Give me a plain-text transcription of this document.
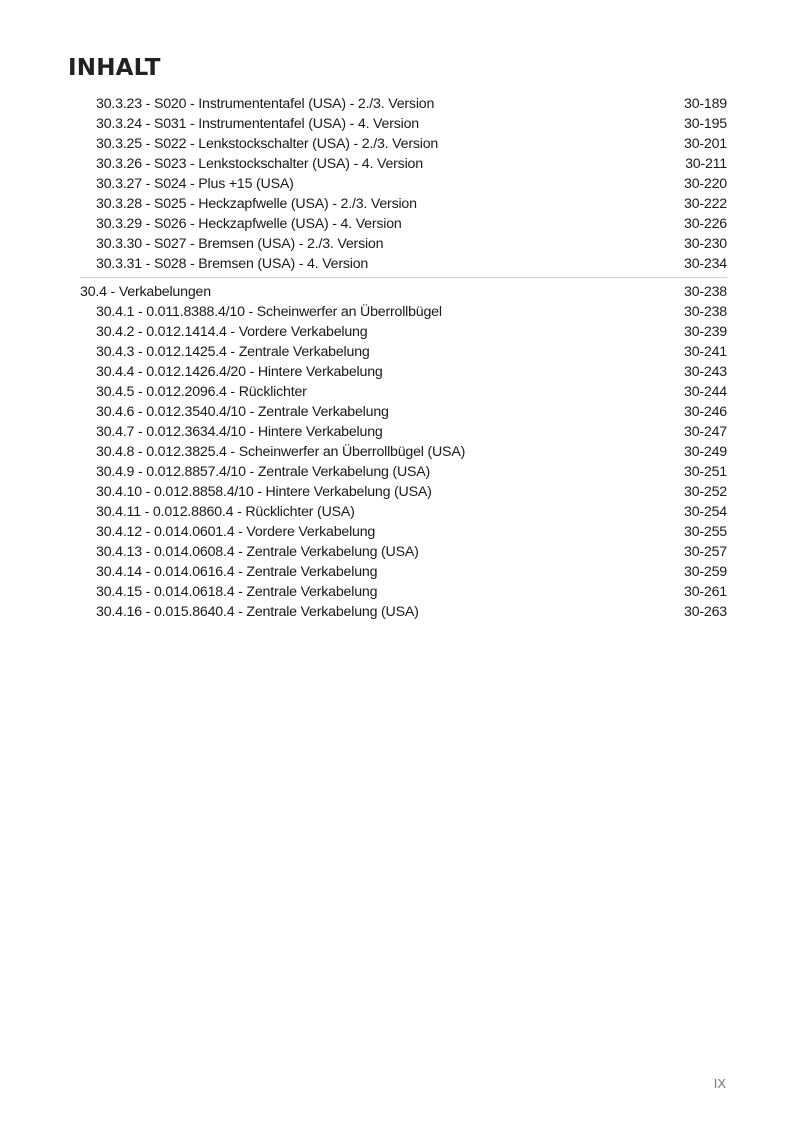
INHALT
30.3.23 - S020 - Instrumententafel (USA) - 2./3. Version	30-189
30.3.24 - S031 - Instrumententafel (USA) - 4. Version	30-195
30.3.25 - S022 - Lenkstockschalter (USA) - 2./3. Version	30-201
30.3.26 - S023 - Lenkstockschalter (USA) - 4. Version	30-211
30.3.27 - S024 - Plus +15 (USA)	30-220
30.3.28 - S025 - Heckzapfwelle (USA) - 2./3. Version	30-222
30.3.29 - S026 - Heckzapfwelle (USA) - 4. Version	30-226
30.3.30 - S027 - Bremsen (USA) - 2./3. Version	30-230
30.3.31 - S028 - Bremsen (USA) - 4. Version	30-234
30.4 - Verkabelungen	30-238
30.4.1 - 0.011.8388.4/10 - Scheinwerfer an Überrollbügel	30-238
30.4.2 - 0.012.1414.4 - Vordere Verkabelung	30-239
30.4.3 - 0.012.1425.4 - Zentrale Verkabelung	30-241
30.4.4 - 0.012.1426.4/20 - Hintere Verkabelung	30-243
30.4.5 - 0.012.2096.4 - Rücklichter	30-244
30.4.6 - 0.012.3540.4/10 - Zentrale Verkabelung	30-246
30.4.7 - 0.012.3634.4/10 - Hintere Verkabelung	30-247
30.4.8 - 0.012.3825.4 - Scheinwerfer an Überrollbügel (USA)	30-249
30.4.9 - 0.012.8857.4/10 - Zentrale Verkabelung (USA)	30-251
30.4.10 - 0.012.8858.4/10 - Hintere Verkabelung (USA)	30-252
30.4.11 - 0.012.8860.4 - Rücklichter (USA)	30-254
30.4.12 - 0.014.0601.4 - Vordere Verkabelung	30-255
30.4.13 - 0.014.0608.4 - Zentrale Verkabelung (USA)	30-257
30.4.14 - 0.014.0616.4 - Zentrale Verkabelung	30-259
30.4.15 - 0.014.0618.4 - Zentrale Verkabelung	30-261
30.4.16 - 0.015.8640.4 - Zentrale Verkabelung (USA)	30-263
IX
